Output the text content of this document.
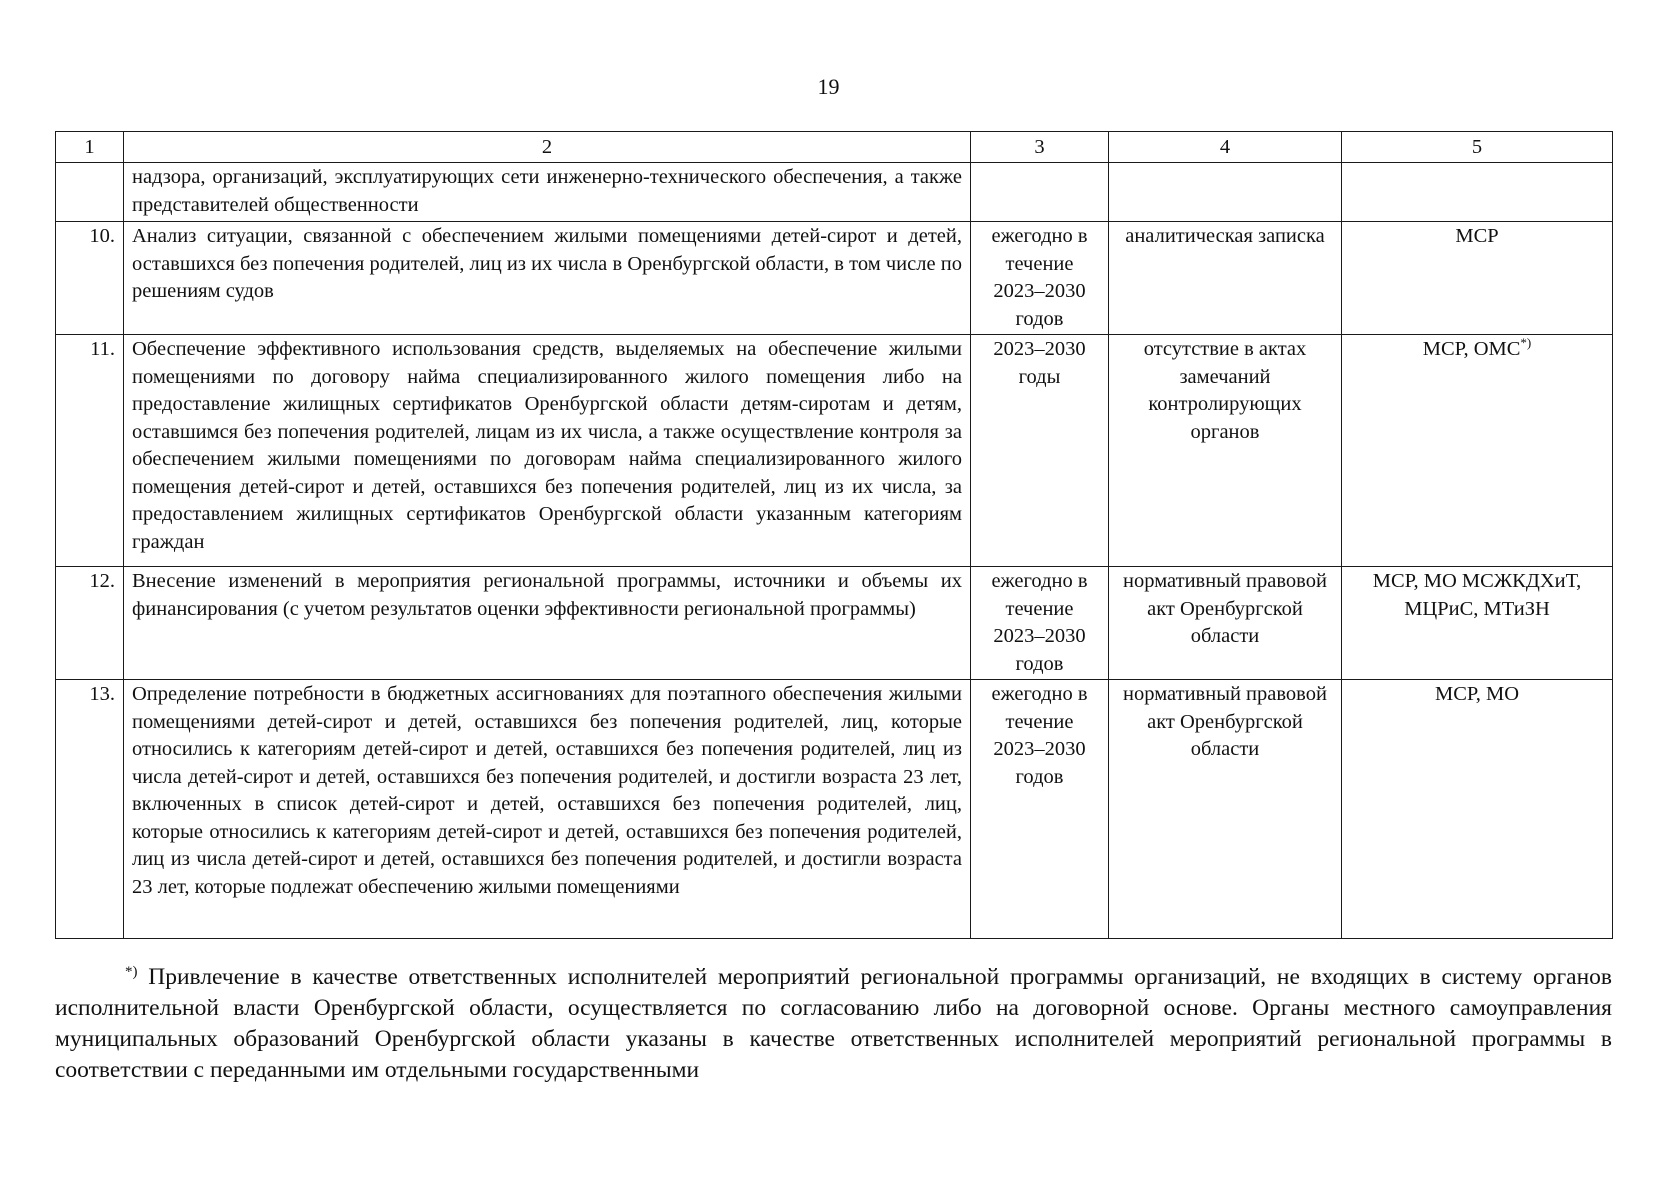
19
1	2	3	4	5
	надзора, организаций, эксплуатирующих сети инженерно-технического обеспечения, а также представителей общественности			
10.	Анализ ситуации, связанной с обеспечением жилыми помещениями детей-сирот и детей, оставшихся без попечения родителей, лиц из их числа в Оренбургской области, в том числе по решениям судов	ежегодно в течение 2023–2030 годов	аналитическая записка	МСР
11.	Обеспечение эффективного использования средств, выделяемых на обеспечение жилыми помещениями по договору найма специализированного жилого помещения либо на предоставление жилищных сертификатов Оренбургской области детям-сиротам и детям, оставшимся без попечения родителей, лицам из их числа, а также осуществление контроля за обеспечением жилыми помещениями по договорам найма специализированного жилого помещения детей-сирот и детей, оставшихся без попечения родителей, лиц из их числа, за предоставлением жилищных сертификатов Оренбургской области указанным категориям граждан	2023–2030 годы	отсутствие в актах замечаний контролирующих органов	МСР, ОМС*)
12.	Внесение изменений в мероприятия региональной программы, источники и объемы их финансирования (с учетом результатов оценки эффективности региональной программы)	ежегодно в течение 2023–2030 годов	нормативный правовой акт Оренбургской области	МСР, МО МСЖКДХиТ, МЦРиС, МТиЗН
13.	Определение потребности в бюджетных ассигнованиях для поэтапного обеспечения жилыми помещениями детей-сирот и детей, оставшихся без попечения родителей, лиц, которые относились к категориям детей-сирот и детей, оставшихся без попечения родителей, лиц из числа детей-сирот и детей, оставшихся без попечения родителей, и достигли возраста 23 лет, включенных в список детей-сирот и детей, оставшихся без попечения родителей, лиц, которые относились к категориям детей-сирот и детей, оставшихся без попечения родителей, лиц из числа детей-сирот и детей, оставшихся без попечения родителей, и достигли возраста 23 лет, которые подлежат обеспечению жилыми помещениями	ежегодно в течение 2023–2030 годов	нормативный правовой акт Оренбургской области	МСР, МО

*) Привлечение в качестве ответственных исполнителей мероприятий региональной программы организаций, не входящих в систему органов исполнительной власти Оренбургской области, осуществляется по согласованию либо на договорной основе. Органы местного самоуправления муниципальных образований Оренбургской области указаны в качестве ответственных исполнителей мероприятий региональной программы в соответствии с переданными им отдельными государственными
